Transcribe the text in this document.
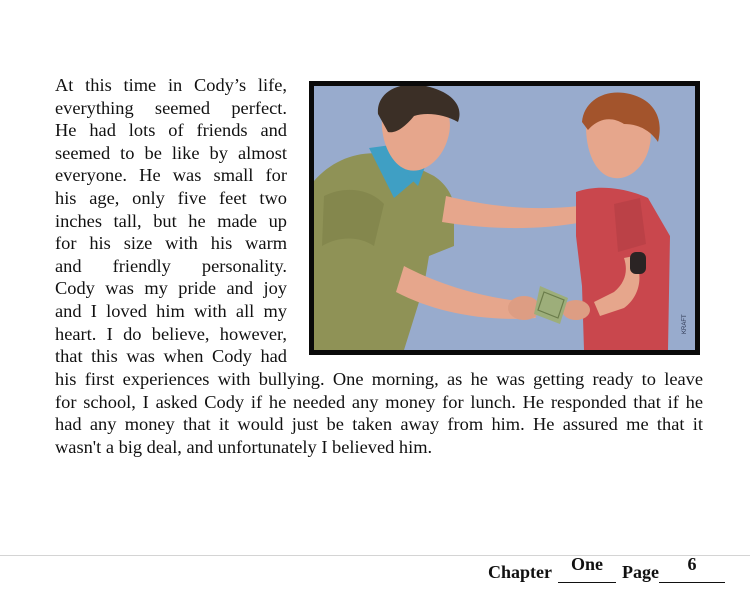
At this time in Cody’s life,
everything seemed perfect.
He had lots of friends and
seemed to be like by almost
everyone. He was small for
his age, only five feet two
inches tall, but he made up
for his size with his warm
and friendly personality.
Cody was my pride and joy
and I loved him with all my
heart. I do believe, however,
that this was when Cody had

KRAFT

his first experiences with bullying. One morning, as he was getting ready to leave
for school, I asked Cody if he needed any money for lunch. He responded that if he
had any money that it would just be taken away from him. He assured me that it
wasn't a big deal, and unfortunately I believed him.

Chapter One Page 6
